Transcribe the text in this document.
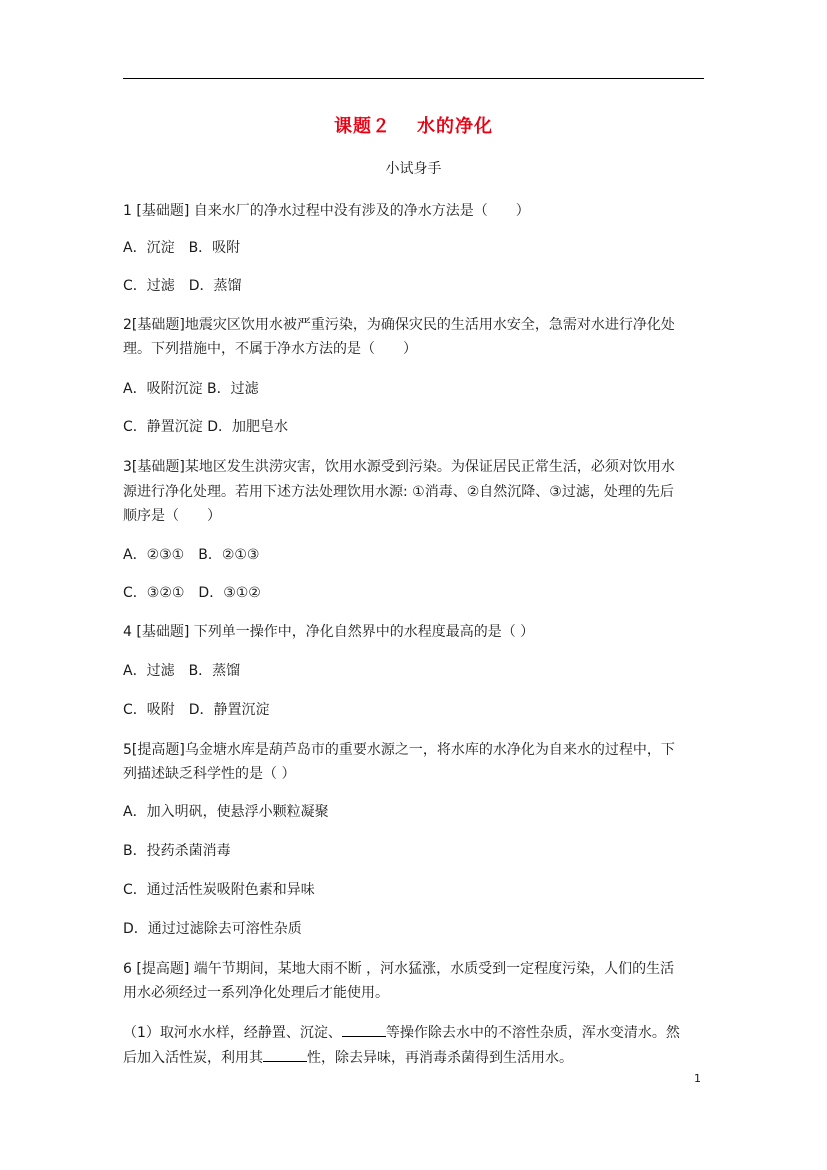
课题２ 水的净化
小试身手
1 [基础题] 自来水厂的净水过程中没有涉及的净水方法是（　　）
A．沉淀　B．吸附
C．过滤　D．蒸馏
2[基础题]地震灾区饮用水被严重污染，为确保灾民的生活用水安全，急需对水进行净化处
理。下列措施中，不属于净水方法的是（　　）
A．吸附沉淀 B．过滤
C．静置沉淀 D．加肥皂水
3[基础题]某地区发生洪涝灾害，饮用水源受到污染。为保证居民正常生活，必须对饮用水
源进行净化处理。若用下述方法处理饮用水源: ①消毒、②自然沉降、③过滤，处理的先后
顺序是（　　）
A．②③①　B．②①③
C．③②①　D．③①②
4 [基础题] 下列单一操作中，净化自然界中的水程度最高的是（ ）
A．过滤　B．蒸馏
C．吸附　D．静置沉淀
5[提高题]乌金塘水库是葫芦岛市的重要水源之一，将水库的水净化为自来水的过程中，下
列描述缺乏科学性的是（ ）
A．加入明矾，使悬浮小颗粒凝聚
B．投药杀菌消毒
C．通过活性炭吸附色素和异味
D．通过过滤除去可溶性杂质
6 [提高题] 端午节期间，某地大雨不断 ，河水猛涨，水质受到一定程度污染，人们的生活
用水必须经过一系列净化处理后才能使用。
（1）取河水水样，经静置、沉淀、	等操作除去水中的不溶性杂质，浑水变清水。然
后加入活性炭，利用其	性，除去异味，再消毒杀菌得到生活用水。
1
